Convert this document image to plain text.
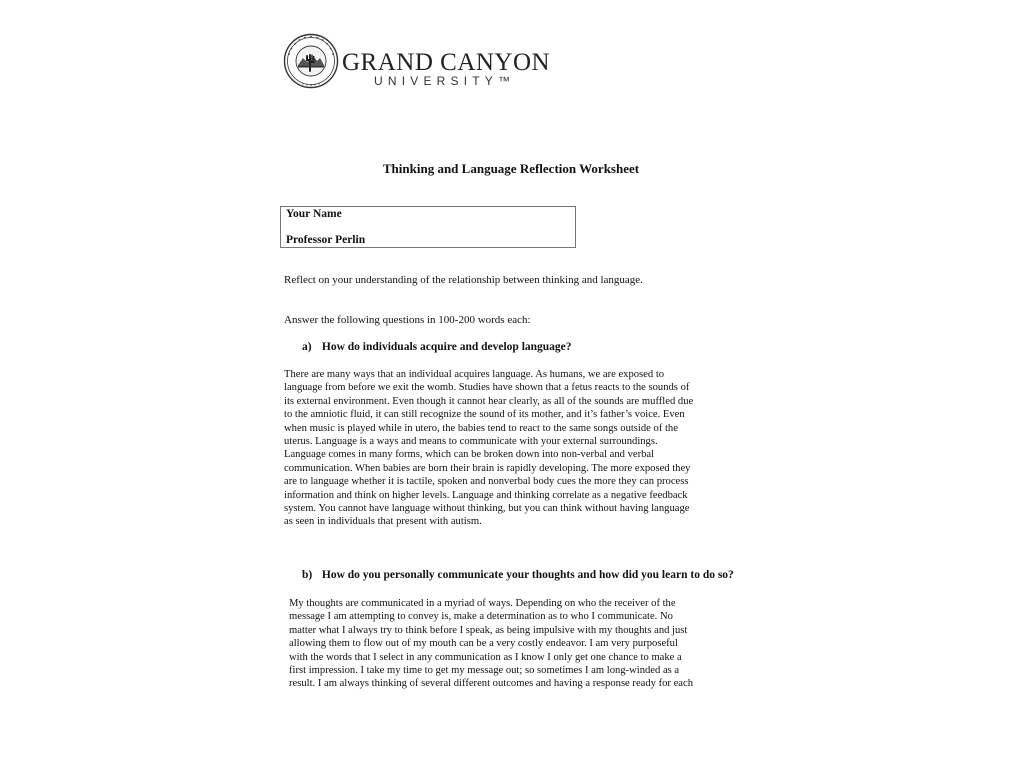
GRAND CANYON
UNIVERSITY™
Thinking and Language Reflection Worksheet
Your Name
Professor Perlin
Reflect on your understanding of the relationship between thinking and language.
Answer the following questions in 100-200 words each:
a) How do individuals acquire and develop language?
There are many ways that an individual acquires language. As humans, we are exposed to
language from before we exit the womb. Studies have shown that a fetus reacts to the sounds of
its external environment. Even though it cannot hear clearly, as all of the sounds are muffled due
to the amniotic fluid, it can still recognize the sound of its mother, and it’s father’s voice. Even
when music is played while in utero, the babies tend to react to the same songs outside of the
uterus. Language is a ways and means to communicate with your external surroundings.
Language comes in many forms, which can be broken down into non-verbal and verbal
communication. When babies are born their brain is rapidly developing. The more exposed they
are to language whether it is tactile, spoken and nonverbal body cues the more they can process
information and think on higher levels. Language and thinking correlate as a negative feedback
system. You cannot have language without thinking, but you can think without having language
as seen in individuals that present with autism.
b) How do you personally communicate your thoughts and how did you learn to do so?
My thoughts are communicated in a myriad of ways. Depending on who the receiver of the
message I am attempting to convey is, make a determination as to who I communicate. No
matter what I always try to think before I speak, as being impulsive with my thoughts and just
allowing them to flow out of my mouth can be a very costly endeavor. I am very purposeful
with the words that I select in any communication as I know I only get one chance to make a
first impression. I take my time to get my message out; so sometimes I am long-winded as a
result. I am always thinking of several different outcomes and having a response ready for each
